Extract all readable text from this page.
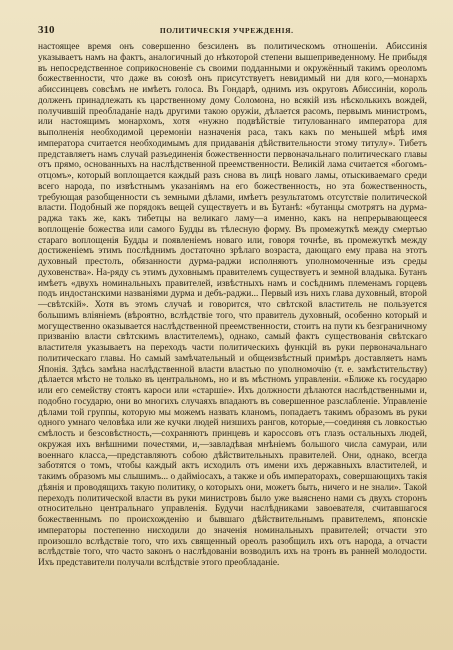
310	ПОЛИТИЧЕСКІЯ УЧРЕЖДЕНІЯ.

настоящее время онъ совершенно безсиленъ въ политическомъ отношеніи. Абиссинія указываетъ намъ на фактъ, аналогичный до нѣкоторой степени вышеприведенному. Не прибыдя въ непосредственное соприкосновеніе съ своими подданными и окружённый такимъ ореоломъ божественности, что даже въ союзѣ онъ присутствуетъ невидимый ни для кого,—монархъ абиссинцевъ совсѣмъ не имѣетъ голоса. Въ Гондарѣ, однимъ изъ округовъ Абиссиніи, король долженъ принадлежать къ царственному дому Соломона, но всякій изъ нѣсколькихъ вождей, получившій преобладаніе надъ другими такою оружіи, дѣлается расомъ, первымъ министромъ, или настоящимъ монархомъ, хотя «нужно подвѣйствіе титулованнаго императора для выполненія необходимой церемоніи назначенія раса, такъ какъ по меньшей мѣрѣ имя императора считается необходимымъ для придаванія дѣйствительности этому титулу». Тибетъ представляетъ намъ случай разъединенія божественности первоначальнаго политическаго главы отъ прямо, основанныхъ на наслѣдственной преемственности. Великій лама считается «богомъ-отцомъ», который воплощается каждый разъ снова въ лицѣ новаго ламы, отыскиваемаго среди всего народа, по извѣстнымъ указаніямъ на его божественность, но эта божественность, требующая разобщенности съ земными дѣлами, имѣетъ результатомъ отсутствіе политической власти. Подобный же порядокъ вещей существуетъ и въ Бутанѣ: «бутанцы смотрятъ на дурма-раджа такъ же, какъ тибетцы на великаго ламу—а именно, какъ на непрерывающееся воплощеніе божества или самого Будды въ тѣлесную форму. Въ промежуткѣ между смертью стараго воплощенія Будды и появленіемъ новаго или, говоря точнѣе, въ промежуткѣ между достиженіемъ этимъ послѣднимъ достаточно зрѣлаго возраста, дающаго ему права на этотъ духовный престолъ, обязанности дурма-раджи исполняютъ уполномоченные изъ среды духовенства». На-ряду съ этимъ духовнымъ правителемъ существуетъ и земной владыка. Бутанъ имѣетъ «двухъ номинальныхъ правителей, извѣстныхъ намъ и сосѣднимъ племенамъ горцевъ подъ индостанскими названіями дурма и дебъ-раджи... Первый изъ нихъ глава духовный, второй—свѣтскій». Хотя въ этомъ случаѣ и говорится, что свѣтской властитель не пользуется большимъ вліяніемъ (вѣроятно, вслѣдствіе того, что правитель духовный, особенно который и могущественно оказывается наслѣдственной преемственности, стоитъ на пути къ безграничному призванію власти свѣтскимъ властителемъ), однако, самый фактъ существованія свѣтскаго властителя указываетъ на переходъ части политическихъ функцій въ руки первоначальнаго политическаго главы. Но самый замѣчательный и общеизвѣстный примѣръ доставляетъ намъ Японія. Здѣсь замѣна наслѣдственной власти властью по уполномочію (т. е. замѣстительству) дѣлается мѣсто не только въ центральномъ, но и въ мѣстномъ управленіи. «Ближе къ государю или его семейству стоятъ кароси или «старшіе». Ихъ должности дѣлаются наслѣдственными и, подобно государю, они во многихъ случаяхъ впадаютъ въ совершенное разслабленіе. Управленіе дѣлами той группы, которую мы можемъ назвать кланомъ, попадаетъ такимъ образомъ въ руки одного умнаго человѣка или же кучки людей низшихъ рангов, которые,—соединяя съ ловкостью смѣлость и безсовѣстность,—сохраняютъ принцевъ и кароссовъ отъ глазъ остальныхъ людей, окружая ихъ внѣшними почестями, и,—завладѣвая мнѣніемъ большого числа самураи, или военнаго класса,—представляютъ собою дѣйствительныхъ правителей. Они, однако, всегда заботятся о томъ, чтобы каждый актъ исходилъ отъ имени ихъ державныхъ властителей, и такимъ образомъ мы слышимъ... о даймiосахъ, а также и объ императорахъ, совершающихъ такія дѣянія и проводящихъ такую политику, о которыхъ они, можетъ быть, ничего и не знали». Такой переходъ политической власти въ руки министровъ было уже выяснено нами съ двухъ сторонъ относительно центральнаго управленія. Будучи наслѣдниками завоевателя, считавшагося божественнымъ по происхожденію и бывшаго дѣйствительнымъ правителемъ, японскіе императоры постепенно нисходили до значенія номинальныхъ правителей; отчасти это произошло вслѣдствіе того, что ихъ священный ореолъ разобщилъ ихъ отъ народа, а отчасти вслѣдствіе того, что часто законъ о наслѣдованіи возводилъ ихъ на тронъ въ ранней молодости. Ихъ представители получали вслѣдствіе этого преобладаніе.
